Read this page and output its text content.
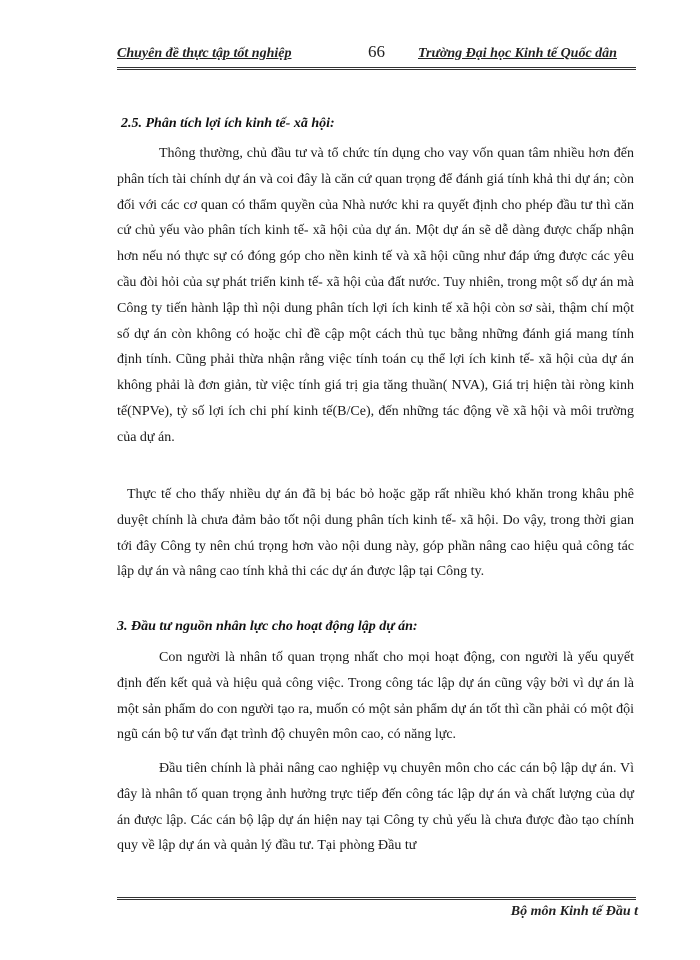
Chuyên đề thực tập tốt nghiệp	66 Trường Đại học Kinh tế Quốc dân
2.5. Phân tích lợi ích kinh tế- xã hội:
Thông thường, chủ đầu tư và tổ chức tín dụng cho vay vốn quan tâm nhiều hơn đến phân tích tài chính dự án và coi đây là căn cứ quan trọng để đánh giá tính khả thi dự án; còn đối với các cơ quan có thẩm quyền của Nhà nước khi ra quyết định cho phép đầu tư thì căn cứ chủ yếu vào phân tích kinh tế- xã hội của dự án. Một dự án sẽ dễ dàng được chấp nhận hơn nếu nó thực sự có đóng góp cho nền kinh tế và xã hội cũng như đáp ứng được các yêu cầu đòi hỏi của sự phát triển kinh tế- xã hội của đất nước. Tuy nhiên, trong một số dự án mà Công ty tiến hành lập thì nội dung phân tích lợi ích kinh tế xã hội còn sơ sài, thậm chí một số dự án còn không có hoặc chỉ đề cập một cách thủ tục bằng những đánh giá mang tính định tính. Cũng phải thừa nhận rằng việc tính toán cụ thể lợi ích kinh tế- xã hội của dự án không phải là đơn giản, từ việc tính giá trị gia tăng thuần( NVA), Giá trị hiện tài ròng kinh tế(NPVe), tỷ số lợi ích chi phí kinh tế(B/Ce), đến những tác động về xã hội và môi trường của dự án.
Thực tế cho thấy nhiều dự án đã bị bác bỏ hoặc gặp rất nhiều khó khăn trong khâu phê duyệt chính là chưa đảm bảo tốt nội dung phân tích kinh tế- xã hội. Do vậy, trong thời gian tới đây Công ty nên chú trọng hơn vào nội dung này, góp phần nâng cao hiệu quả công tác lập dự án và nâng cao tính khả thi các dự án được lập tại Công ty.
3. Đầu tư nguồn nhân lực cho hoạt động lập dự án:
Con người là nhân tố quan trọng nhất cho mọi hoạt động, con người là yếu quyết định đến kết quả và hiệu quả công việc. Trong công tác lập dự án cũng vậy bởi vì dự án là một sản phẩm do con người tạo ra, muốn có một sản phẩm dự án tốt thì cần phải có một đội ngũ cán bộ tư vấn đạt trình độ chuyên môn cao, có năng lực.
Đầu tiên chính là phải nâng cao nghiệp vụ chuyên môn cho các cán bộ lập dự án. Vì đây là nhân tố quan trọng ảnh hưởng trực tiếp đến công tác lập dự án và chất lượng của dự án được lập. Các cán bộ lập dự án hiện nay tại Công ty chủ yếu là chưa được đào tạo chính quy về lập dự án và quản lý đầu tư. Tại phòng Đầu tư
Bộ môn Kinh tế Đầu t
